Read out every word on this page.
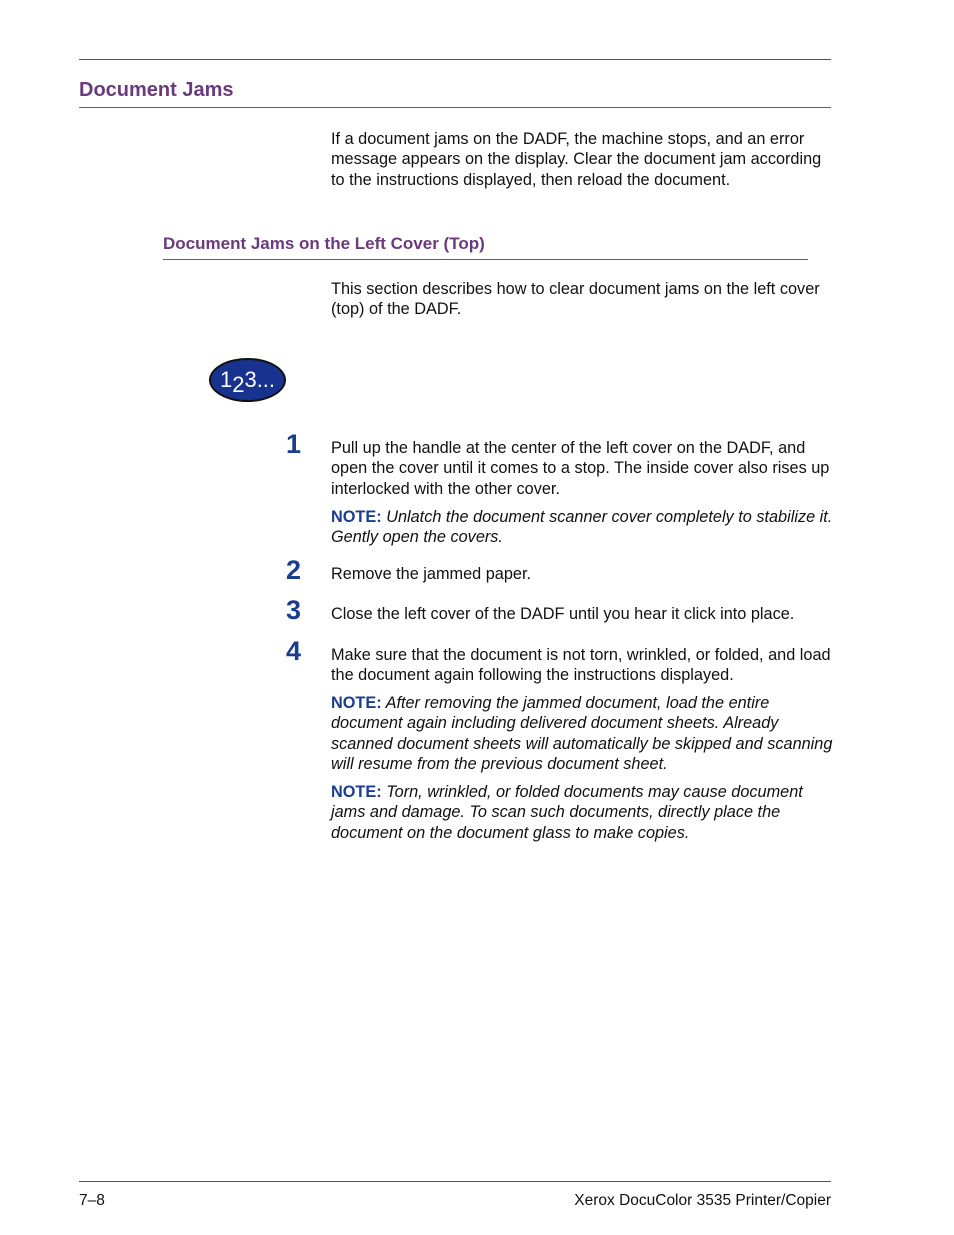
Document Jams

If a document jams on the DADF, the machine stops, and an error message appears on the display. Clear the document jam according to the instructions displayed, then reload the document.

Document Jams on the Left Cover (Top)

This section describes how to clear document jams on the left cover (top) of the DADF.

123...
1 Pull up the handle at the center of the left cover on the DADF, and open the cover until it comes to a stop. The inside cover also rises up interlocked with the other cover.

NOTE: Unlatch the document scanner cover completely to stabilize it. Gently open the covers.

2 Remove the jammed paper.

3 Close the left cover of the DADF until you hear it click into place.

4 Make sure that the document is not torn, wrinkled, or folded, and load the document again following the instructions displayed.

NOTE: After removing the jammed document, load the entire document again including delivered document sheets. Already scanned document sheets will automatically be skipped and scanning will resume from the previous document sheet.

NOTE: Torn, wrinkled, or folded documents may cause document jams and damage. To scan such documents, directly place the document on the document glass to make copies.

7–8	Xerox DocuColor 3535 Printer/Copier
